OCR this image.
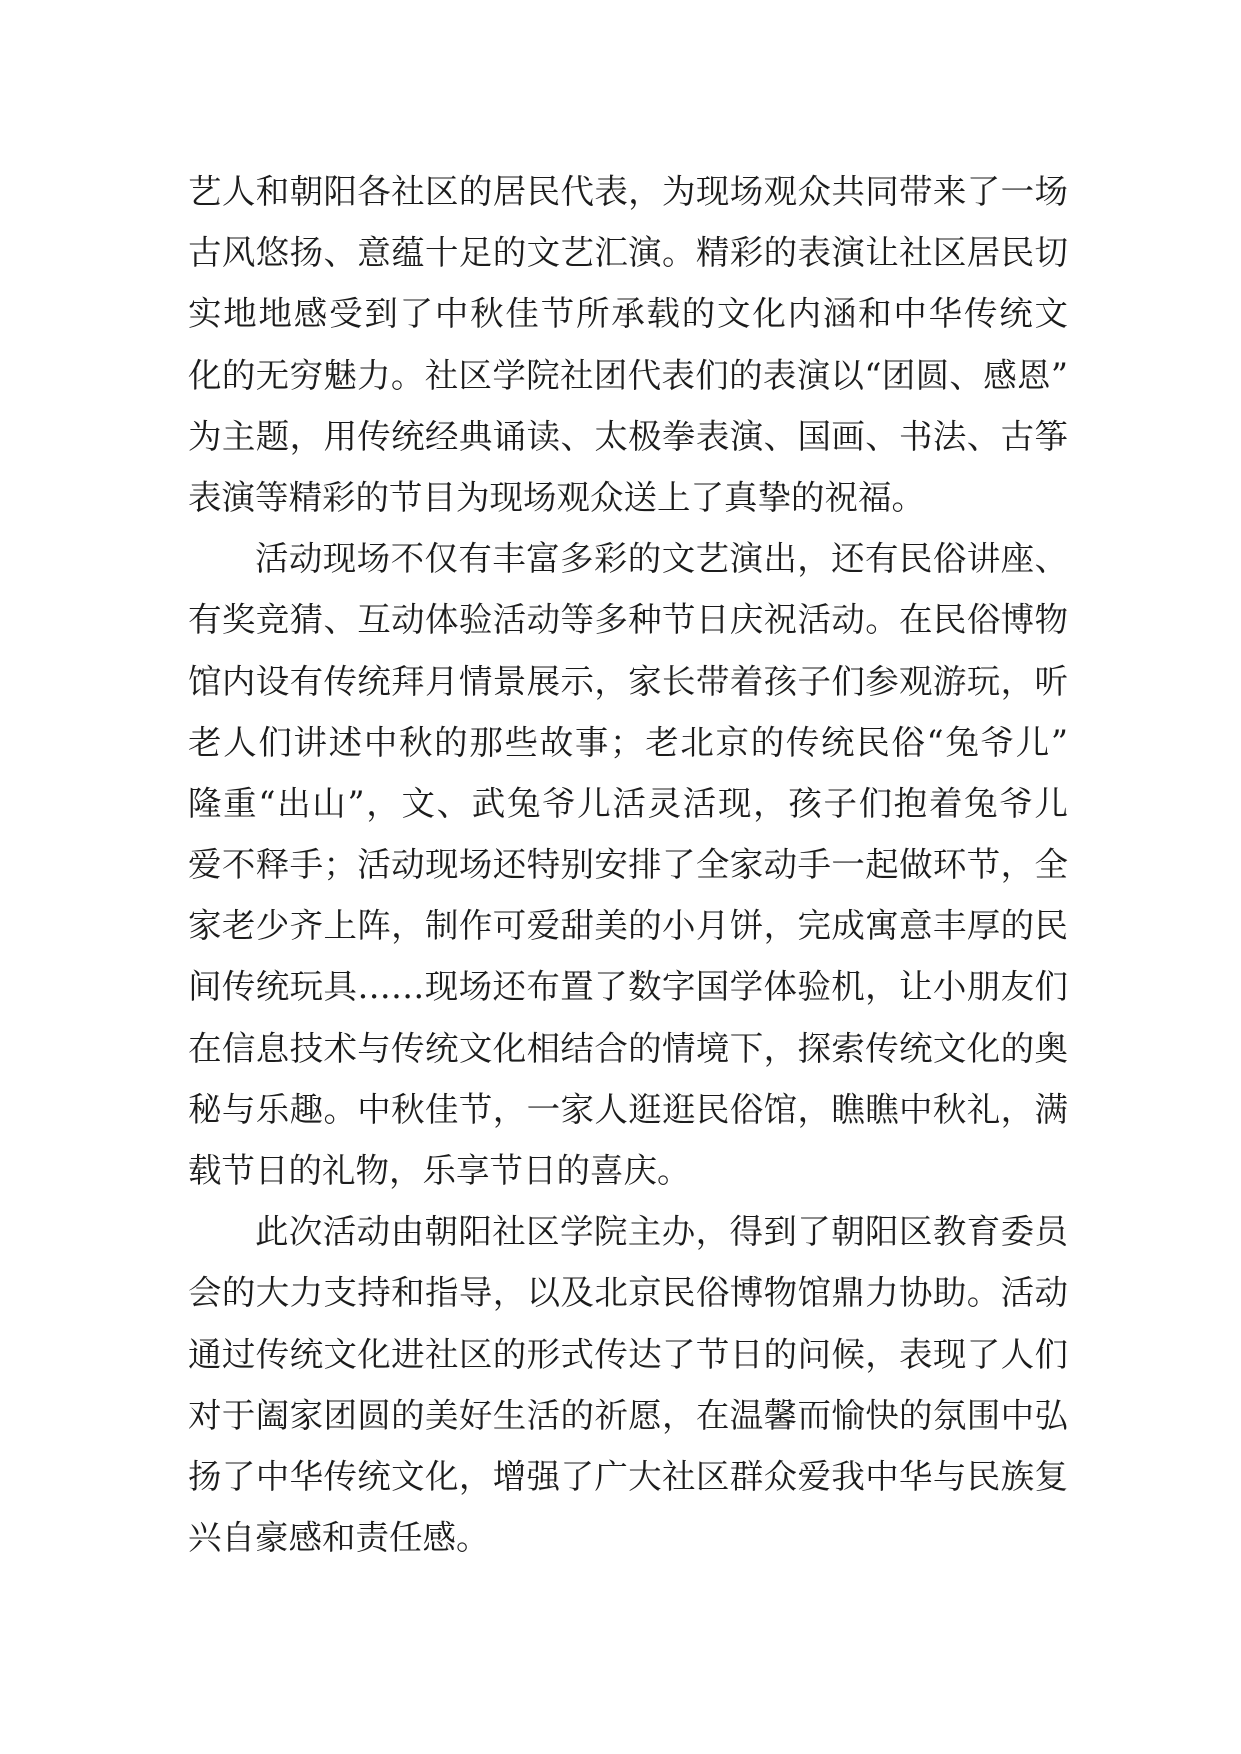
艺人和朝阳各社区的居民代表，为现场观众共同带来了一场
古风悠扬、意蕴十足的文艺汇演。精彩的表演让社区居民切
实地地感受到了中秋佳节所承载的文化内涵和中华传统文
化的无穷魅力。社区学院社团代表们的表演以“团圆、感恩”
为主题，用传统经典诵读、太极拳表演、国画、书法、古筝
表演等精彩的节目为现场观众送上了真挚的祝福。
活动现场不仅有丰富多彩的文艺演出，还有民俗讲座、
有奖竞猜、互动体验活动等多种节日庆祝活动。在民俗博物
馆内设有传统拜月情景展示，家长带着孩子们参观游玩，听
老人们讲述中秋的那些故事；老北京的传统民俗“兔爷儿”
隆重“出山”，文、武兔爷儿活灵活现，孩子们抱着兔爷儿
爱不释手；活动现场还特别安排了全家动手一起做环节，全
家老少齐上阵，制作可爱甜美的小月饼，完成寓意丰厚的民
间传统玩具……现场还布置了数字国学体验机，让小朋友们
在信息技术与传统文化相结合的情境下，探索传统文化的奥
秘与乐趣。中秋佳节，一家人逛逛民俗馆，瞧瞧中秋礼，满
载节日的礼物，乐享节日的喜庆。
此次活动由朝阳社区学院主办，得到了朝阳区教育委员
会的大力支持和指导，以及北京民俗博物馆鼎力协助。活动
通过传统文化进社区的形式传达了节日的问候，表现了人们
对于阖家团圆的美好生活的祈愿，在温馨而愉快的氛围中弘
扬了中华传统文化，增强了广大社区群众爱我中华与民族复
兴自豪感和责任感。
